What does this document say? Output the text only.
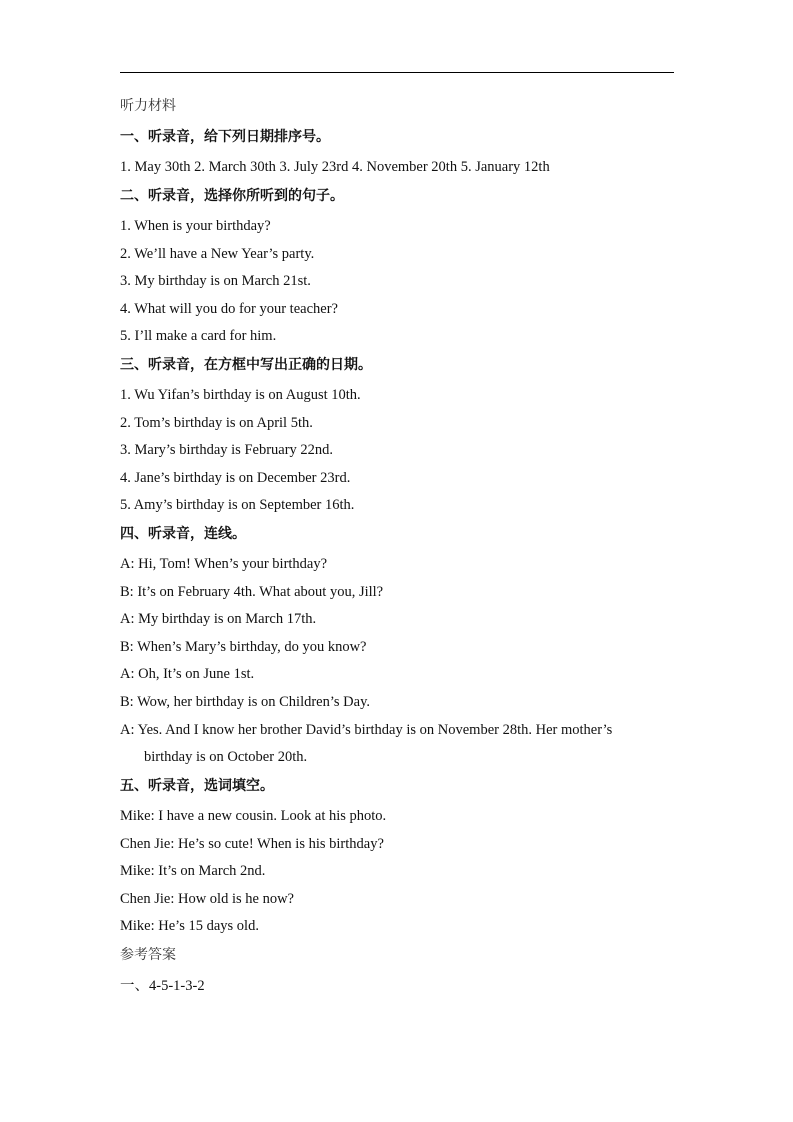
听力材料
一、听录音，给下列日期排序号。
1. May 30th 2. March 30th 3. July 23rd 4. November 20th 5. January 12th
二、听录音，选择你所听到的句子。
1. When is your birthday?
2. We’ll have a New Year’s party.
3. My birthday is on March 21st.
4. What will you do for your teacher?
5. I’ll make a card for him.
三、听录音，在方框中写出正确的日期。
1. Wu Yifan’s birthday is on August 10th.
2. Tom’s birthday is on April 5th.
3. Mary’s birthday is February 22nd.
4. Jane’s birthday is on December 23rd.
5. Amy’s birthday is on September 16th.
四、听录音，连线。
A: Hi, Tom! When’s your birthday?
B: It’s on February 4th. What about you, Jill?
A: My birthday is on March 17th.
B: When’s Mary’s birthday, do you know?
A: Oh, It’s on June 1st.
B: Wow, her birthday is on Children’s Day.
A: Yes. And I know her brother David’s birthday is on November 28th. Her mother’s
birthday is on October 20th.
五、听录音，选词填空。
Mike: I have a new cousin. Look at his photo.
Chen Jie: He’s so cute! When is his birthday?
Mike: It’s on March 2nd.
Chen Jie: How old is he now?
Mike: He’s 15 days old.
参考答案
一、4-5-1-3-2
